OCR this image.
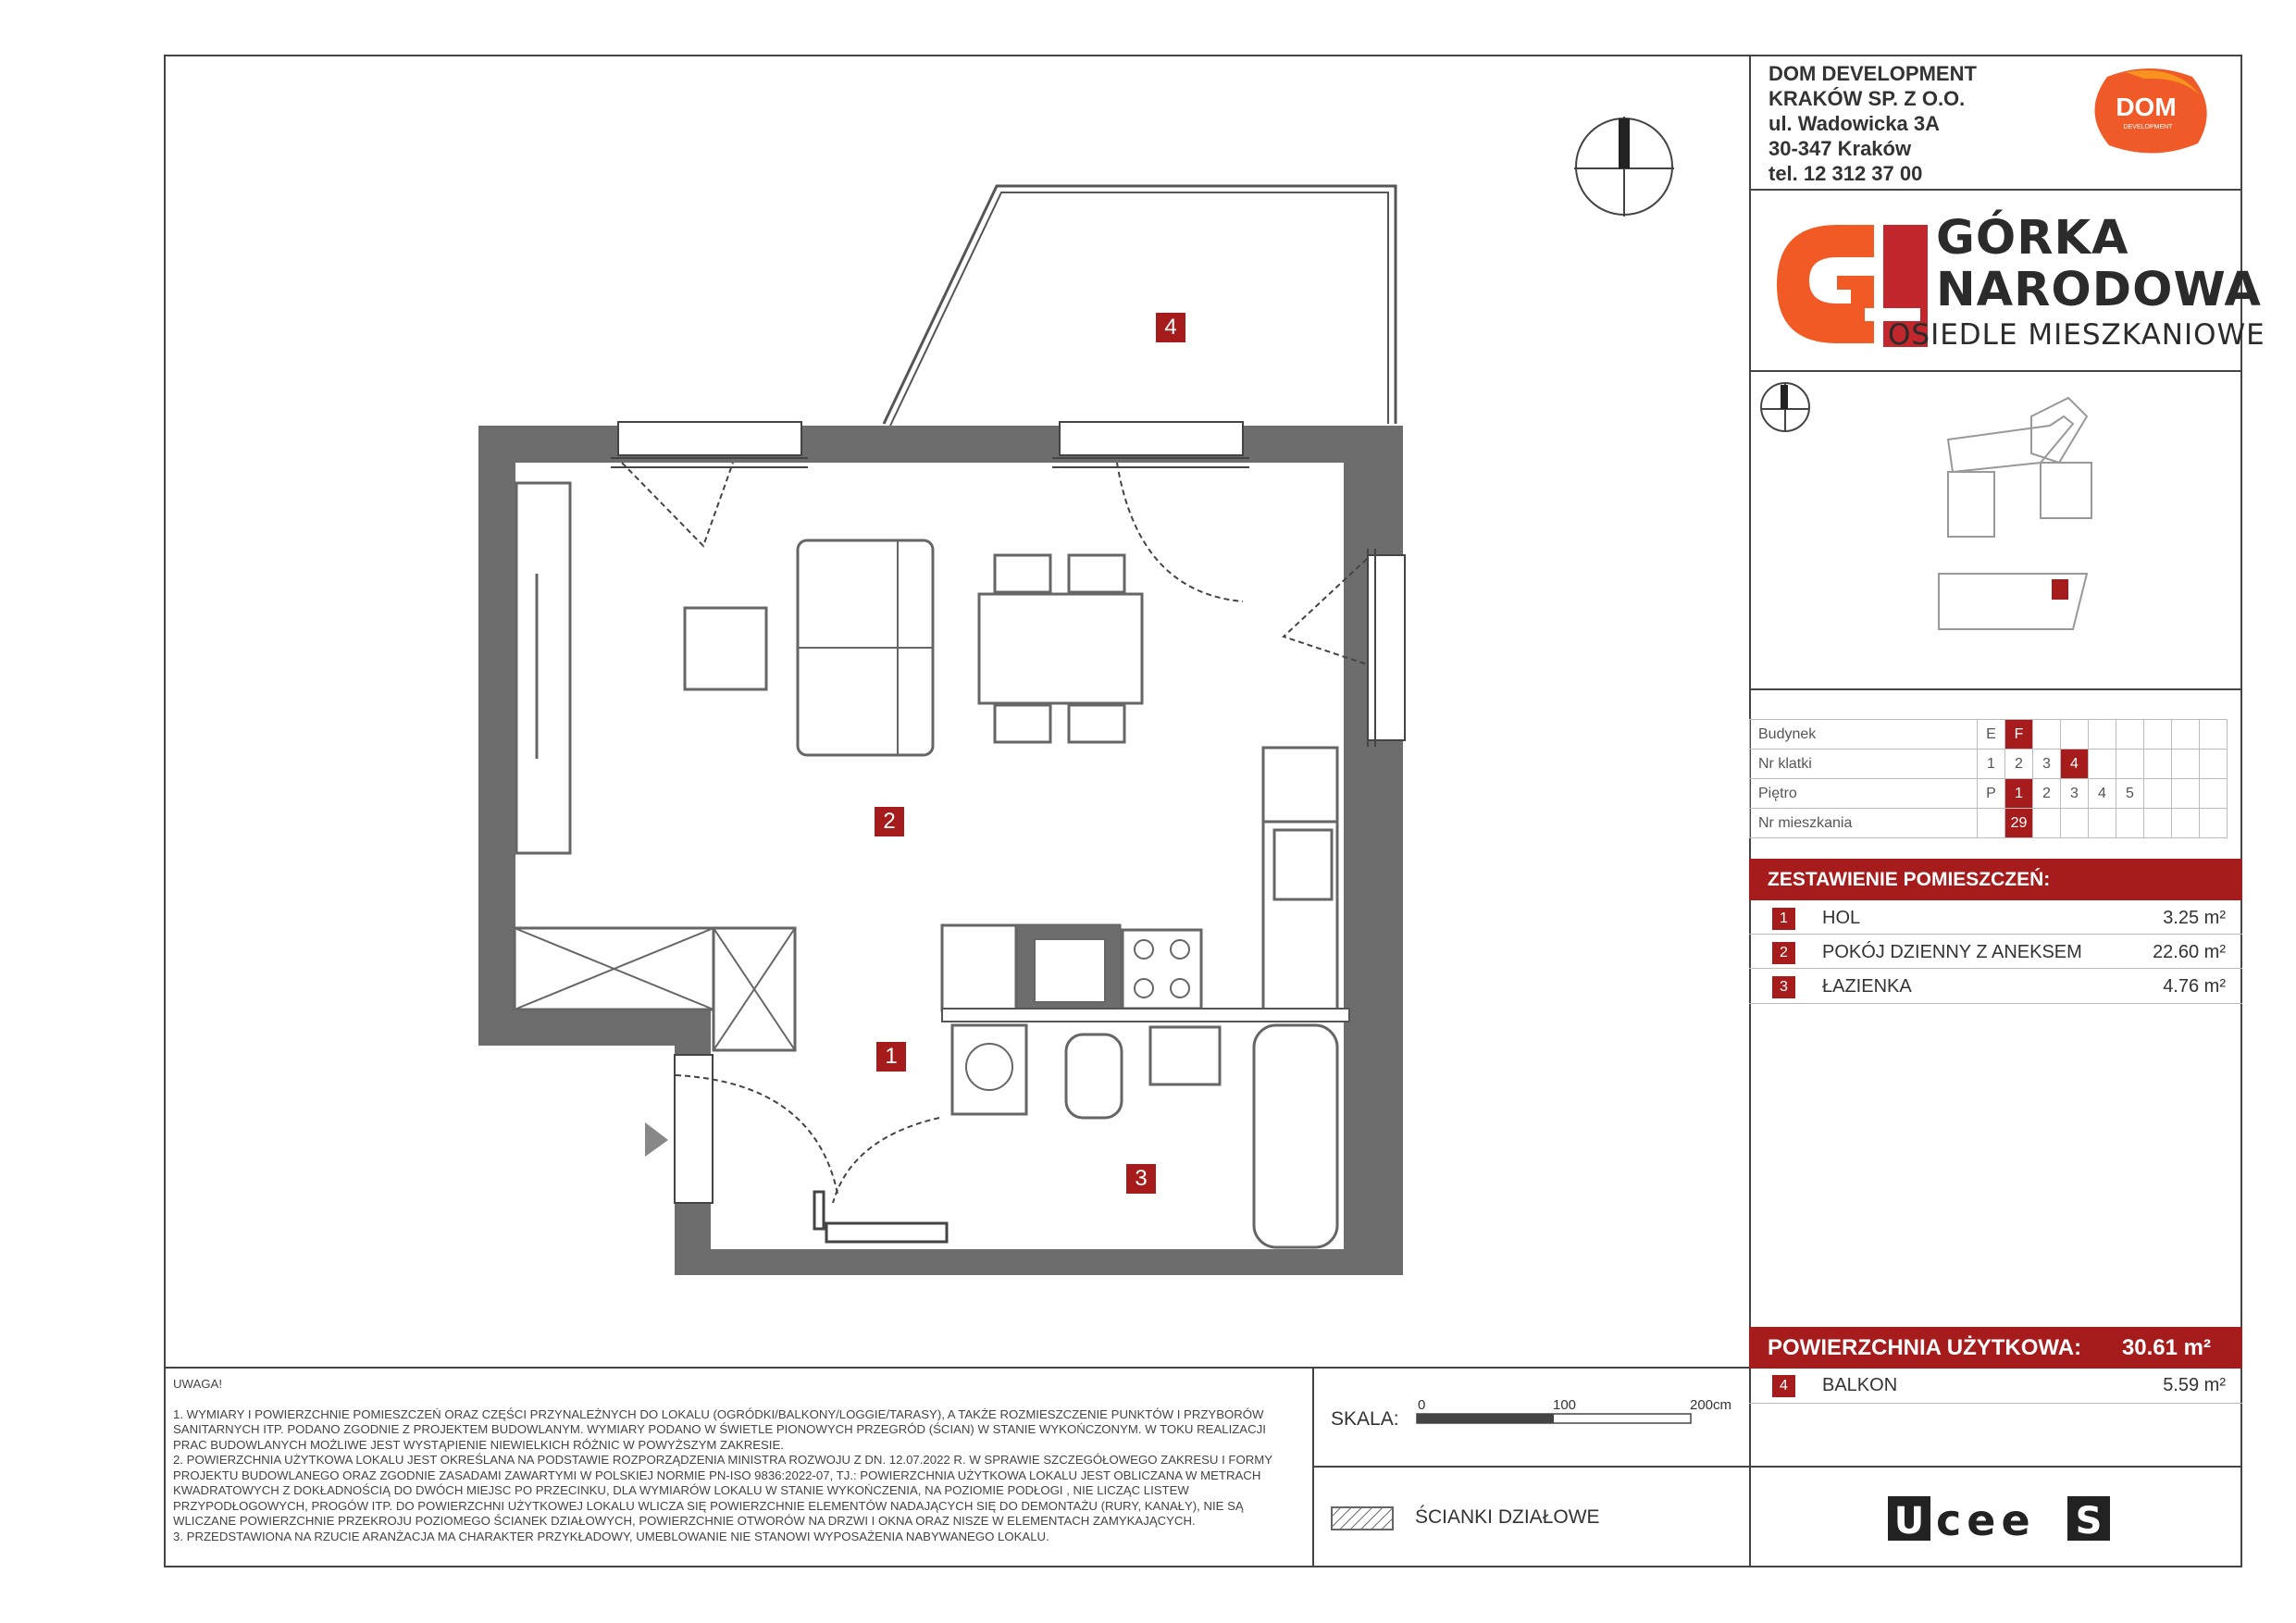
4
2
1
3
DOM DEVELOPMENT
KRAKÓW SP. Z O.O.
ul. Wadowicka 3A
30-347 Kraków
tel. 12 312 37 00
DOM
DEVELOPMENT
GÓRKA
NARODOWA
OSIEDLE MIESZKANIOWE
Budynek	E	F							
Nr klatki	1	2	3	4					
Piętro	P	1	2	3	4	5			
Nr mieszkania		29							
ZESTAWIENIE POMIESZCZEŃ:
1	HOL	3.25 m²
2	POKÓJ DZIENNY Z ANEKSEM	22.60 m²
3	ŁAZIENKA	4.76 m²
POWIERZCHNIA UŻYTKOWA: 30.61 m²
4	BALKON	5.59 m²

UWAGA!

1. WYMIARY I POWIERZCHNIE POMIESZCZEŃ ORAZ CZĘŚCI PRZYNALEŻNYCH DO LOKALU (OGRÓDKI/BALKONY/LOGGIE/TARASY), A TAKŻE ROZMIESZCZENIE PUNKTÓW I PRZYBORÓW SANITARNYCH ITP. PODANO ZGODNIE Z PROJEKTEM BUDOWLANYM. WYMIARY PODANO W ŚWIETLE PIONOWYCH PRZEGRÓD (ŚCIAN) W STANIE WYKOŃCZONYM. W TOKU REALIZACJI PRAC BUDOWLANYCH MOŻLIWE JEST WYSTĄPIENIE NIEWIELKICH RÓŻNIC W POWYŻSZYM ZAKRESIE.
2. POWIERZCHNIA UŻYTKOWA LOKALU JEST OKREŚLANA NA PODSTAWIE ROZPORZĄDZENIA MINISTRA ROZWOJU Z DN. 12.07.2022 R. W SPRAWIE SZCZEGÓŁOWEGO ZAKRESU I FORMY PROJEKTU BUDOWLANEGO ORAZ ZGODNIE ZASADAMI ZAWARTYMI W POLSKIEJ NORMIE PN-ISO 9836:2022-07, TJ.: POWIERZCHNIA UŻYTKOWA LOKALU JEST OBLICZANA W METRACH KWADRATOWYCH Z DOKŁADNOŚCIĄ DO DWÓCH MIEJSC PO PRZECINKU, DLA WYMIARÓW LOKALU W STANIE WYKOŃCZENIA, NA POZIOMIE PODŁOGI , NIE LICZĄC LISTEW PRZYPODŁOGOWYCH, PROGÓW ITP. DO POWIERZCHNI UŻYTKOWEJ LOKALU WLICZA SIĘ POWIERZCHNIE ELEMENTÓW NADAJĄCYCH SIĘ DO DEMONTAŻU (RURY, KANAŁY), NIE SĄ WLICZANE POWIERZCHNIE PRZEKROJU POZIOMEGO ŚCIANEK DZIAŁOWYCH, POWIERZCHNIE OTWORÓW NA DRZWI I OKNA ORAZ NISZE W ELEMENTACH ZAMYKAJĄCYCH.
3. PRZEDSTAWIONA NA RZUCIE ARANŻACJA MA CHARAKTER PRZYKŁADOWY, UMEBLOWANIE NIE STANOWI WYPOSAŻENIA NABYWANEGO LOKALU.
SKALA:
0	100	200cm
ŚCIANKI DZIAŁOWE	U cee S
